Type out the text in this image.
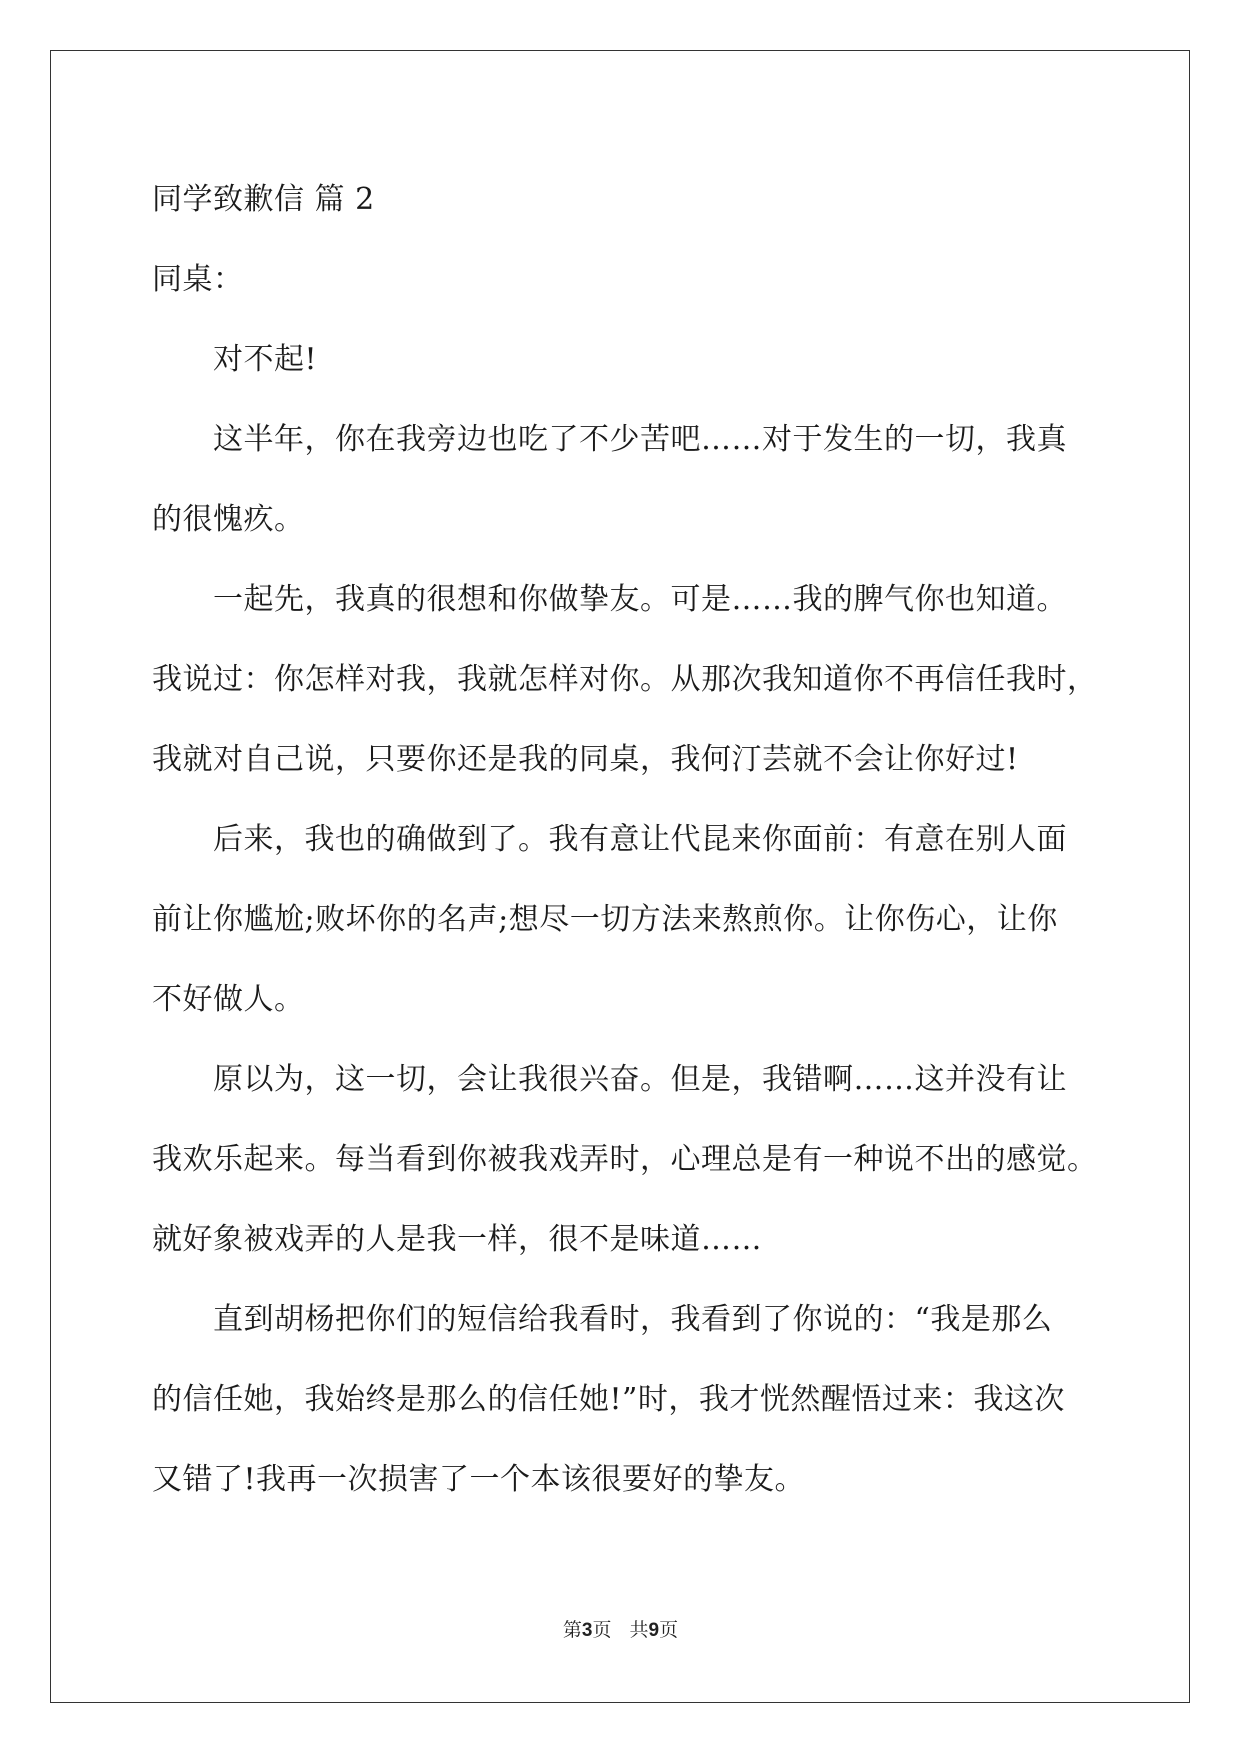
同学致歉信 篇 2
同桌：
对不起!
这半年，你在我旁边也吃了不少苦吧……对于发生的一切，我真
的很愧疚。
一起先，我真的很想和你做挚友。可是……我的脾气你也知道。
我说过：你怎样对我，我就怎样对你。从那次我知道你不再信任我时，
我就对自己说，只要你还是我的同桌，我何汀芸就不会让你好过!
后来，我也的确做到了。我有意让代昆来你面前：有意在别人面
前让你尴尬;败坏你的名声;想尽一切方法来熬煎你。让你伤心，让你
不好做人。
原以为，这一切，会让我很兴奋。但是，我错啊……这并没有让
我欢乐起来。每当看到你被我戏弄时，心理总是有一种说不出的感觉。
就好象被戏弄的人是我一样，很不是味道……
直到胡杨把你们的短信给我看时，我看到了你说的：“我是那么
的信任她，我始终是那么的信任她!”时，我才恍然醒悟过来：我这次
又错了!我再一次损害了一个本该很要好的挚友。
第3页 共9页
